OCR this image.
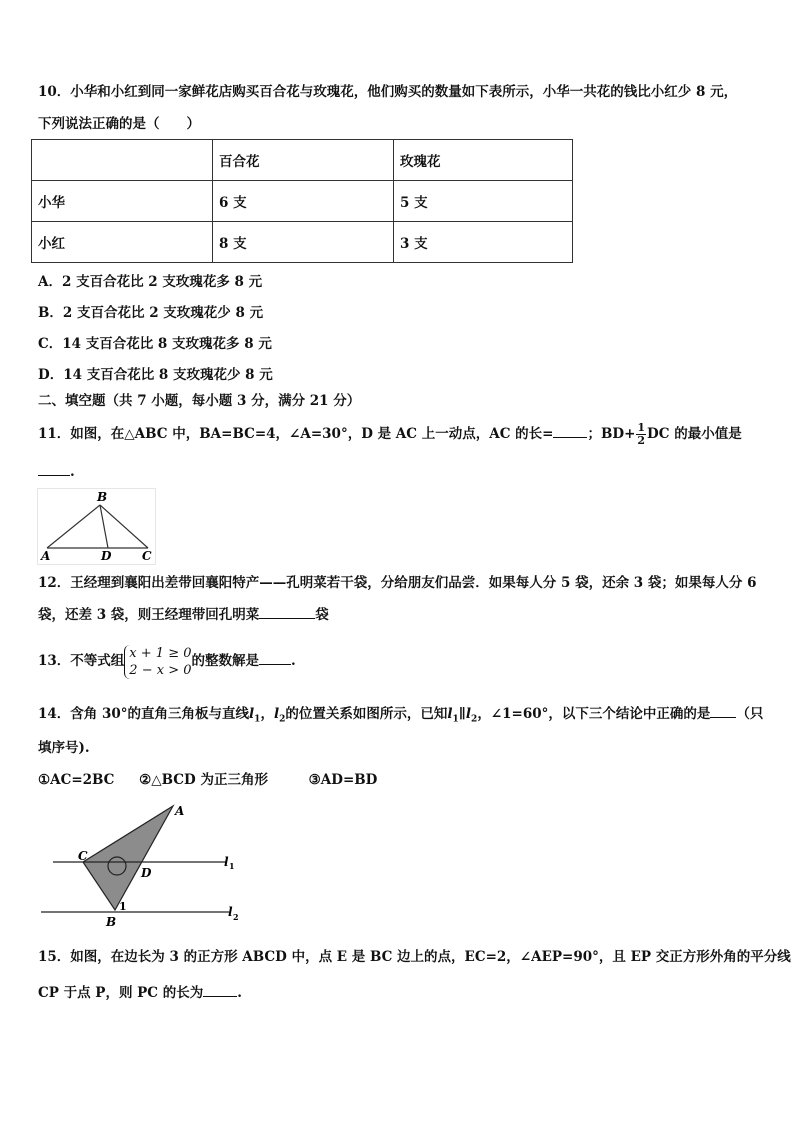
10．小华和小红到同一家鲜花店购买百合花与玫瑰花，他们购买的数量如下表所示，小华一共花的钱比小红少 8 元，
下列说法正确的是（　　）
	百合花	玫瑰花
小华	6 支	5 支
小红	8 支	3 支
A．2 支百合花比 2 支玫瑰花多 8 元
B．2 支百合花比 2 支玫瑰花少 8 元
C．14 支百合花比 8 支玫瑰花多 8 元
D．14 支百合花比 8 支玫瑰花少 8 元
二、填空题（共 7 小题，每小题 3 分，满分 21 分）
11．如图，在△ABC 中，BA=BC=4，∠A=30°，D 是 AC 上一动点，AC 的长=	；$BD+ \frac{1}{2}$ DC 的最小值是
.
B
A	D	C
12．王经理到襄阳出差带回襄阳特产——孔明菜若干袋，分给朋友们品尝．如果每人分 5 袋，还余 3 袋；如果每人分 6
袋，还差 3 袋，则王经理带回孔明菜	袋
13．不等式组 x + 1 ≥ 0
2 − x > 0
的整数解是 .
14．含角 30°的直角三角板与直线$l_1$，$l_2$的位置关系如图所示，已知$l_1\parallel l_2$，∠1=60°，以下三个结论中正确的是 （只
填序号).
①AC=2BC ②△BCD 为正三角形	③AD=BD
A
C
D
B
1
l 1
l 2
15．如图，在边长为 3 的正方形 ABCD 中，点 E 是 BC 边上的点，EC=2，∠AEP=90°，且 EP 交正方形外角的平分线
CP 于点 P，则 PC 的长为	.
